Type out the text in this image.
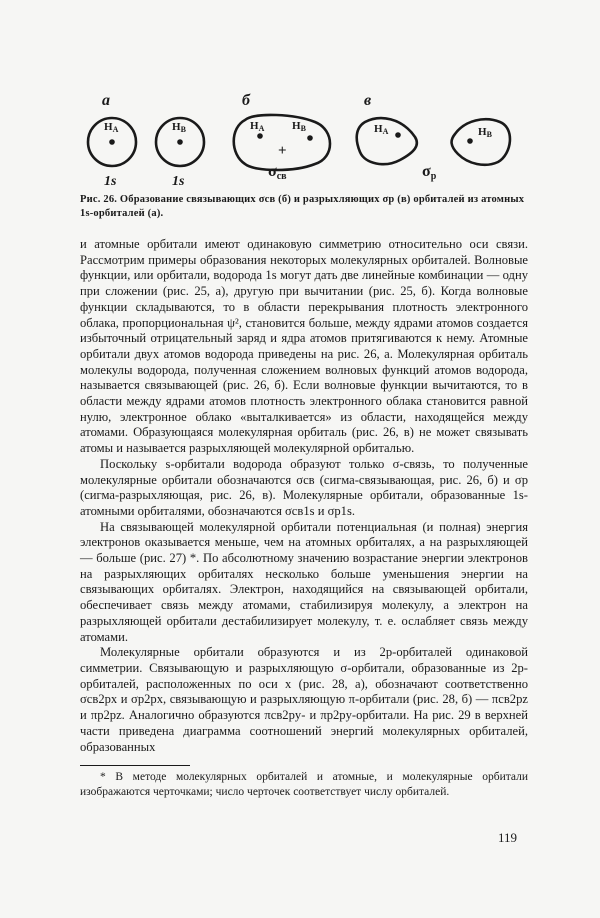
а
HA	HB
1s	1s
б
HA	HB
+
σсв
в
HA	HB
σр
Рис. 26. Образование связывающих σсв (б) и разрыхляющих σр (в) орбиталей из атомных 1s-орбиталей (а).

и атомные орбитали имеют одинаковую симметрию относительно оси связи. Рассмотрим примеры образования некоторых молекулярных орбиталей. Волновые функции, или орбитали, водорода 1s могут дать две линейные комбинации — одну при сложении (рис. 25, а), другую при вычитании (рис. 25, б). Когда волновые функции складываются, то в области перекрывания плотность электронного облака, пропорциональная ψ², становится больше, между ядрами атомов создается избыточный отрицательный заряд и ядра атомов притягиваются к нему. Атомные орбитали двух атомов водорода приведены на рис. 26, а. Молекулярная орбиталь молекулы водорода, полученная сложением волновых функций атомов водорода, называется связывающей (рис. 26, б). Если волновые функции вычитаются, то в области между ядрами атомов плотность электронного облака становится равной нулю, электронное облако «выталкивается» из области, находящейся между атомами. Образующаяся молекулярная орбиталь (рис. 26, в) не может связывать атомы и называется разрыхляющей молекулярной орбиталью.

Поскольку s-орбитали водорода образуют только σ-связь, то полученные молекулярные орбитали обозначаются σсв (сигма-связывающая, рис. 26, б) и σр (сигма-разрыхляющая, рис. 26, в). Молекулярные орбитали, образованные 1s-атомными орбиталями, обозначаются σсв1s и σр1s.

На связывающей молекулярной орбитали потенциальная (и полная) энергия электронов оказывается меньше, чем на атомных орбиталях, а на разрыхляющей — больше (рис. 27) *. По абсолютному значению возрастание энергии электронов на разрыхляющих орбиталях несколько больше уменьшения энергии на связывающих орбиталях. Электрон, находящийся на связывающей орбитали, обеспечивает связь между атомами, стабилизируя молекулу, а электрон на разрыхляющей орбитали дестабилизирует молекулу, т. е. ослабляет связь между атомами.

Молекулярные орбитали образуются и из 2p-орбиталей одинаковой симметрии. Связывающую и разрыхляющую σ-орбитали, образованные из 2p-орбиталей, расположенных по оси x (рис. 28, а), обозначают соответственно σсв2px и σр2px, связывающую и разрыхляющую π-орбитали (рис. 28, б) — πсв2pz и πр2pz. Аналогично образуются πсв2py- и πр2py-орбитали. На рис. 29 в верхней части приведена диаграмма соотношений энергий молекулярных орбиталей, образованных

* В методе молекулярных орбиталей и атомные, и молекулярные орбитали изображаются черточками; число черточек соответствует числу орбиталей.

119
